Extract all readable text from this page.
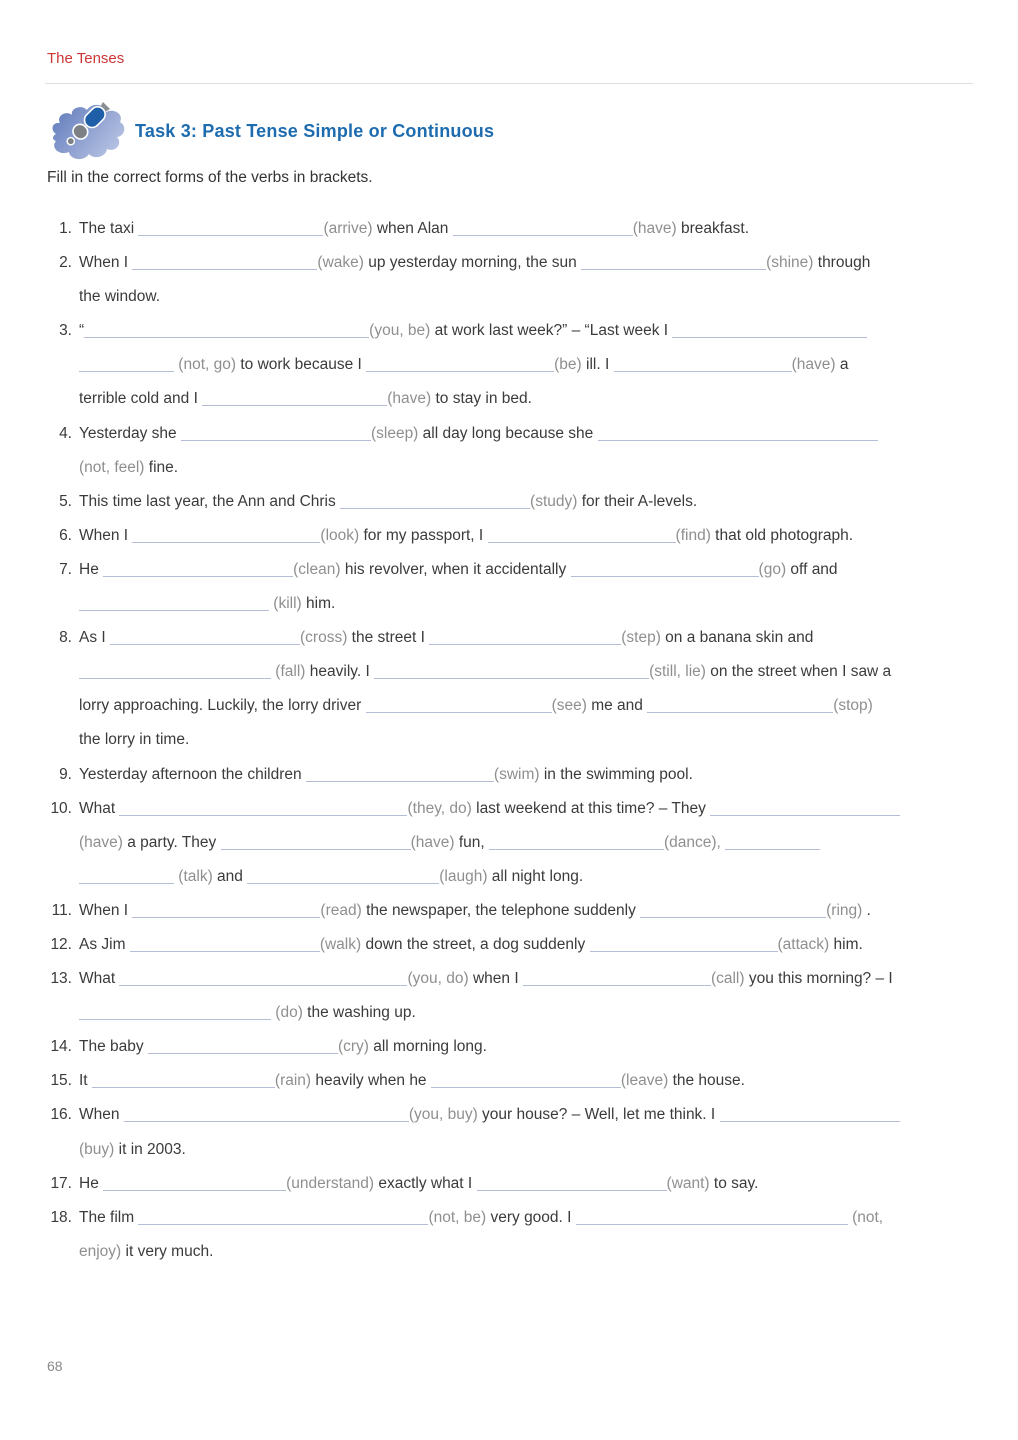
The Tenses
Task 3: Past Tense Simple or Continuous
Fill in the correct forms of the verbs in brackets.
1. The taxi	(arrive) when Alan	(have) breakfast.
2. When I	(wake) up yesterday morning, the sun	(shine) through
the window.
3. “	(you, be) at work last week?” – “Last week I
(not, go) to work because I	(be) ill. I	(have) a
terrible cold and I	(have) to stay in bed.
4. Yesterday she	(sleep) all day long because she
(not, feel) fine.
5. This time last year, the Ann and Chris	(study) for their A-levels.
6. When I	(look) for my passport, I	(find) that old photograph.
7. He	(clean) his revolver, when it accidentally	(go) off and
(kill) him.
8. As I	(cross) the street I	(step) on a banana skin and
(fall) heavily. I	(still, lie) on the street when I saw a
lorry approaching. Luckily, the lorry driver	(see) me and	(stop)
the lorry in time.
9. Yesterday afternoon the children	(swim) in the swimming pool.
10. What	(they, do) last weekend at this time? – They
(have) a party. They	(have) fun,	(dance),
(talk) and	(laugh) all night long.
11. When I	(read) the newspaper, the telephone suddenly	(ring) .
12. As Jim	(walk) down the street, a dog suddenly	(attack) him.
13. What	(you, do) when I	(call) you this morning? – I
(do) the washing up.
14. The baby	(cry) all morning long.
15. It	(rain) heavily when he	(leave) the house.
16. When	(you, buy) your house? – Well, let me think. I
(buy) it in 2003.
17. He	(understand) exactly what I	(want) to say.
18. The film	(not, be) very good. I	(not,
enjoy) it very much.
68
